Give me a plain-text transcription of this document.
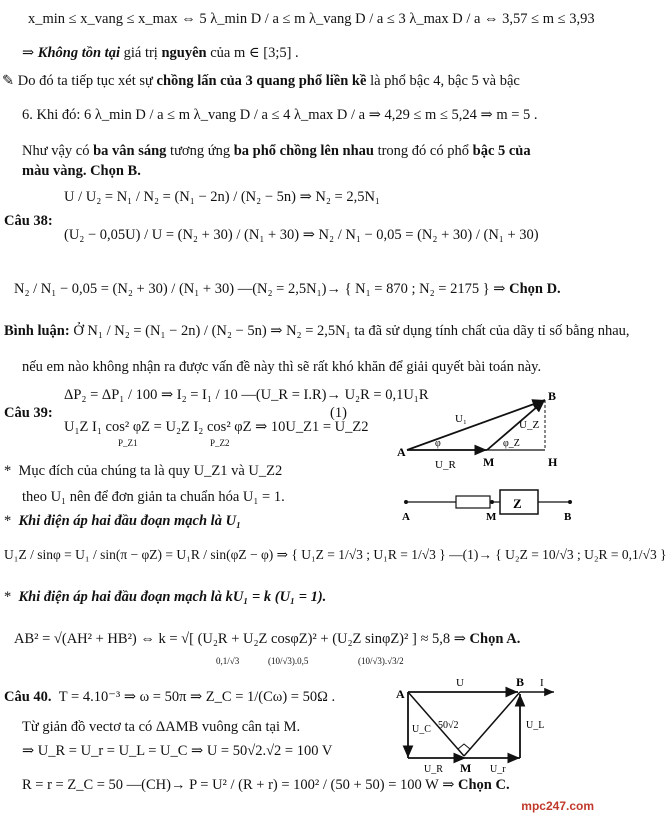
x_min ≤ x_vang ≤ x_max ⇔ 5 λ_min D / a ≤ m λ_vang D / a ≤ 3 λ_max D / a ⇔ 3,57 ≤ m ≤ 3,93
⇒ Không tồn tại giá trị nguyên của m ∈ [3;5] .
✎ Do đó ta tiếp tục xét sự chồng lấn của 3 quang phổ liền kề là phổ bậc 4, bậc 5 và bậc
6. Khi đó: 6 λ_min D / a ≤ m λ_vang D / a ≤ 4 λ_max D / a ⇒ 4,29 ≤ m ≤ 5,24 ⇒ m = 5 .
Như vậy có ba vân sáng tương ứng ba phổ chồng lên nhau trong đó có phổ bậc 5 của
màu vàng. Chọn B.
Câu 38:
U / U₂ = N₁ / N₂ = (N₁ − 2n) / (N₂ − 5n) ⇒ N₂ = 2,5N₁
(U₂ − 0,05U) / U = (N₂ + 30) / (N₁ + 30) ⇒ N₂ / N₁ − 0,05 = (N₂ + 30) / (N₁ + 30)
N₂ / N₁ − 0,05 = (N₂ + 30) / (N₁ + 30) —(N₂ = 2,5N₁)→ { N₁ = 870 ; N₂ = 2175 } ⇒ Chọn D.
Bình luận: Ở N₁ / N₂ = (N₁ − 2n) / (N₂ − 5n) ⇒ N₂ = 2,5N₁ ta đã sử dụng tính chất của dãy tỉ số bằng nhau,
nếu em nào không nhận ra được vấn đề này thì sẽ rất khó khăn để giải quyết bài toán này.
Câu 39:
ΔP₂ = ΔP₁ / 100 ⇒ I₂ = I₁ / 10 —(U_R = I.R)→ U₂R = 0,1U₁R
U₁Z I₁ cos² φZ = U₂Z I₂ cos² φZ ⇒ 10U_Z1 = U_Z2
P_Z1	P_Z2
(1)
A
B
M	H
U₁	U_Z
U_R
φ	φ_Z
* Mục đích của chúng ta là quy U_Z1 và U_Z2
theo U₁ nên để đơn giản ta chuẩn hóa U₁ = 1.	Z
A	M	B
* Khi điện áp hai đầu đoạn mạch là U₁
U₁Z / sinφ = U₁ / sin(π − φZ) = U₁R / sin(φZ − φ) ⇒ { U₁Z = 1/√3 ; U₁R = 1/√3 } —(1)→ { U₂Z = 10/√3 ; U₂R = 0,1/√3 }
* Khi điện áp hai đầu đoạn mạch là kU₁ = k (U₁ = 1).
AB² = √(AH² + HB²) ⇔ k = √[ (U₂R + U₂Z cosφZ)² + (U₂Z sinφZ)² ] ≈ 5,8 ⇒ Chọn A.
0,1/√3	(10/√3).0,5	(10/√3).√3/2
Câu 40. T = 4.10⁻³ ⇒ ω = 50π ⇒ Z_C = 1/(Cω) = 50Ω .
Từ giản đồ vectơ ta có ΔAMB vuông cân tại M.
⇒ U_R = U_r = U_L = U_C ⇒ U = 50√2.√2 = 100 V
R = r = Z_C = 50 —(CH)→ P = U² / (R + r) = 100² / (50 + 50) = 100 W ⇒ Chọn C.
A
B
M
U	I
U_C	U_L
U_R	U_r
50√2
mpc247.com
